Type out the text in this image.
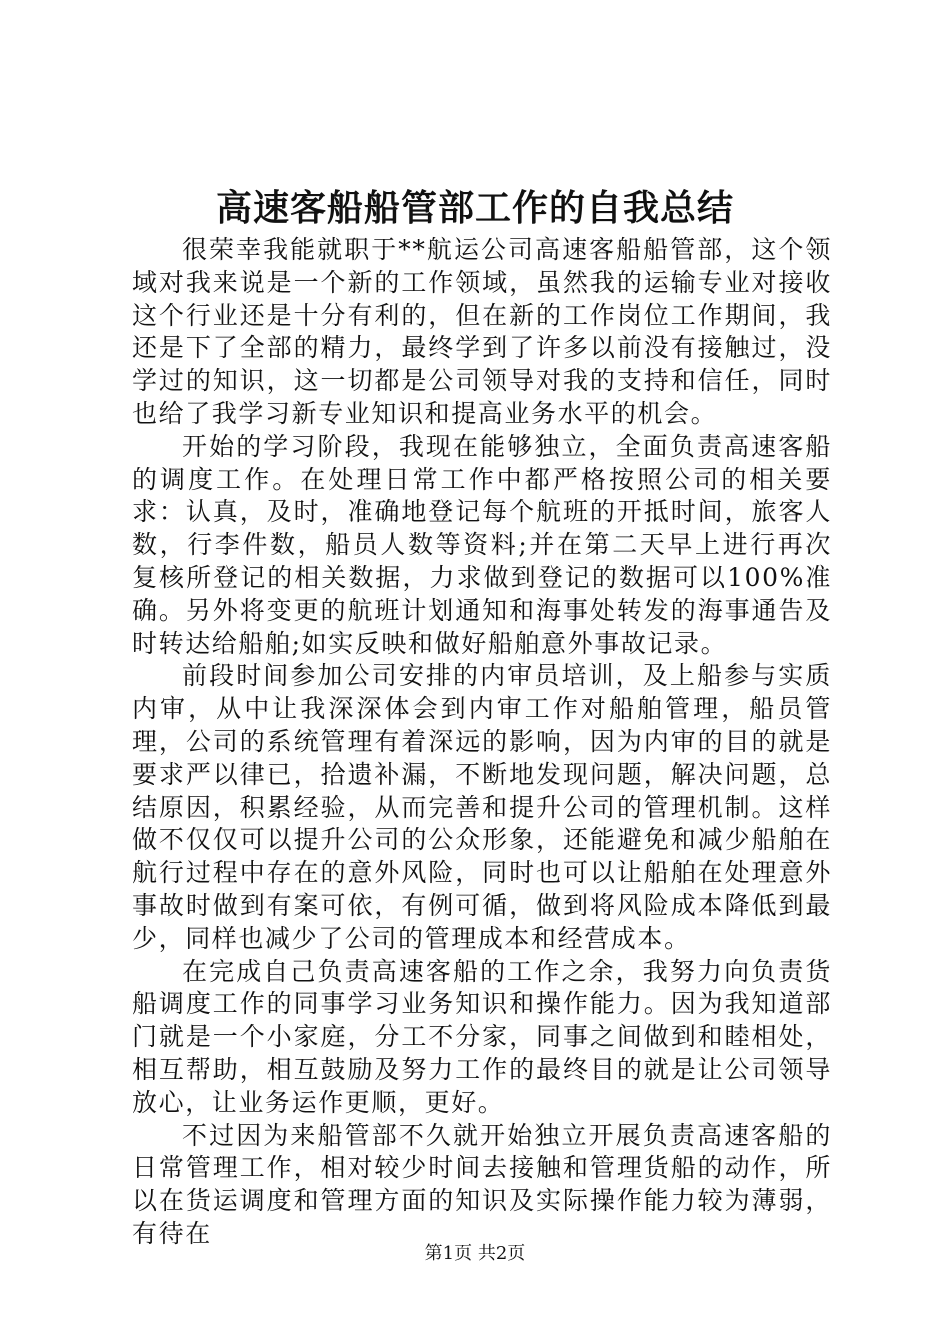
高速客船船管部工作的自我总结

很荣幸我能就职于**航运公司高速客船船管部，这个领域对我来说是一个新的工作领域，虽然我的运输专业对接收这个行业还是十分有利的，但在新的工作岗位工作期间，我还是下了全部的精力，最终学到了许多以前没有接触过，没学过的知识，这一切都是公司领导对我的支持和信任，同时也给了我学习新专业知识和提高业务水平的机会。

开始的学习阶段，我现在能够独立，全面负责高速客船的调度工作。在处理日常工作中都严格按照公司的相关要求：认真，及时，准确地登记每个航班的开抵时间，旅客人数，行李件数，船员人数等资料;并在第二天早上进行再次复核所登记的相关数据，力求做到登记的数据可以100%准确。另外将变更的航班计划通知和海事处转发的海事通告及时转达给船舶;如实反映和做好船舶意外事故记录。

前段时间参加公司安排的内审员培训，及上船参与实质内审，从中让我深深体会到内审工作对船舶管理，船员管理，公司的系统管理有着深远的影响，因为内审的目的就是要求严以律已，拾遗补漏，不断地发现问题，解决问题，总结原因，积累经验，从而完善和提升公司的管理机制。这样做不仅仅可以提升公司的公众形象，还能避免和减少船舶在航行过程中存在的意外风险，同时也可以让船舶在处理意外事故时做到有案可依，有例可循，做到将风险成本降低到最少，同样也减少了公司的管理成本和经营成本。

在完成自己负责高速客船的工作之余，我努力向负责货船调度工作的同事学习业务知识和操作能力。因为我知道部门就是一个小家庭，分工不分家，同事之间做到和睦相处，相互帮助，相互鼓励及努力工作的最终目的就是让公司领导放心，让业务运作更顺，更好。

不过因为来船管部不久就开始独立开展负责高速客船的日常管理工作，相对较少时间去接触和管理货船的动作，所以在货运调度和管理方面的知识及实际操作能力较为薄弱，有待在

第1页 共2页
